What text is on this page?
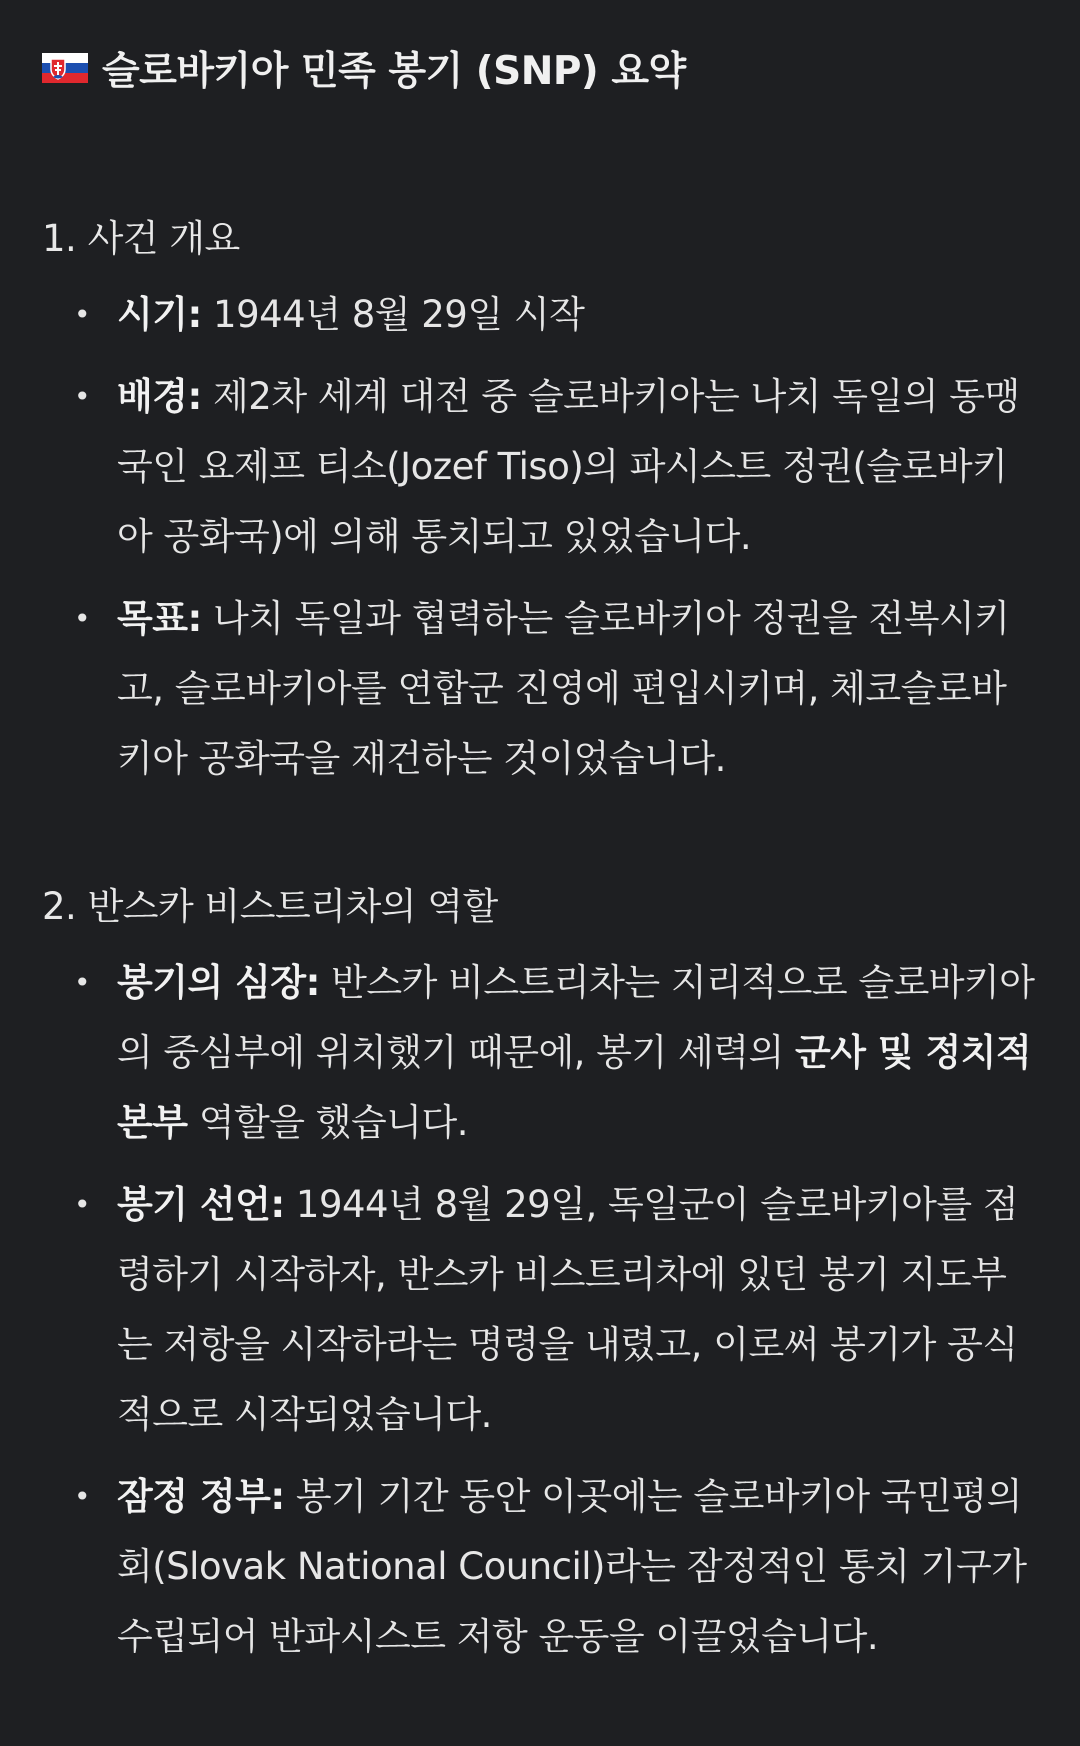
슬로바키아 민족 봉기 (SNP) 요약
1. 사건 개요
• 시기: 1944년 8월 29일 시작
• 배경: 제2차 세계 대전 중 슬로바키아는 나치 독일의 동맹국인 요제프 티소(Jozef Tiso)의 파시스트 정권(슬로바키아 공화국)에 의해 통치되고 있었습니다.
• 목표: 나치 독일과 협력하는 슬로바키아 정권을 전복시키고, 슬로바키아를 연합군 진영에 편입시키며, 체코슬로바키아 공화국을 재건하는 것이었습니다.
2. 반스카 비스트리차의 역할
• 봉기의 심장: 반스카 비스트리차는 지리적으로 슬로바키아의 중심부에 위치했기 때문에, 봉기 세력의 군사 및 정치적 본부 역할을 했습니다.
• 봉기 선언: 1944년 8월 29일, 독일군이 슬로바키아를 점령하기 시작하자, 반스카 비스트리차에 있던 봉기 지도부는 저항을 시작하라는 명령을 내렸고, 이로써 봉기가 공식적으로 시작되었습니다.
• 잠정 정부: 봉기 기간 동안 이곳에는 슬로바키아 국민평의회(Slovak National Council)라는 잠정적인 통치 기구가 수립되어 반파시스트 저항 운동을 이끌었습니다.
